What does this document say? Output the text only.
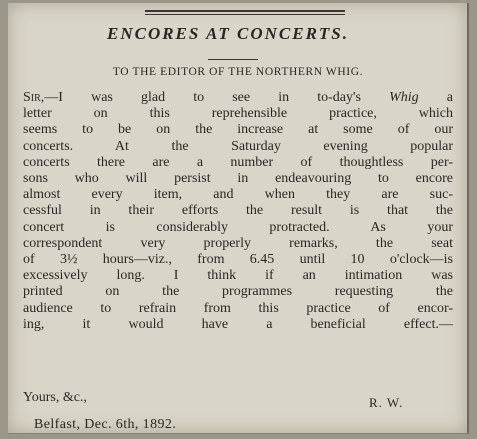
ENCORES AT CONCERTS.
TO THE EDITOR OF THE NORTHERN WHIG.
Sir,—I was glad to see in to-day's Whig a
letter on this reprehensible practice, which
seems to be on the increase at some of our
concerts. At the Saturday evening popular
concerts there are a number of thoughtless per-
sons who will persist in endeavouring to encore
almost every item, and when they are suc-
cessful in their efforts the result is that the
concert is considerably protracted. As your
correspondent very properly remarks, the seat
of 3½ hours—viz., from 6.45 until 10 o'clock—is
excessively long. I think if an intimation was
printed on the programmes requesting the
audience to refrain from this practice of encor-
ing, it would have a beneficial effect.—
Yours, &c.,	R. W.
Belfast, Dec. 6th, 1892.
